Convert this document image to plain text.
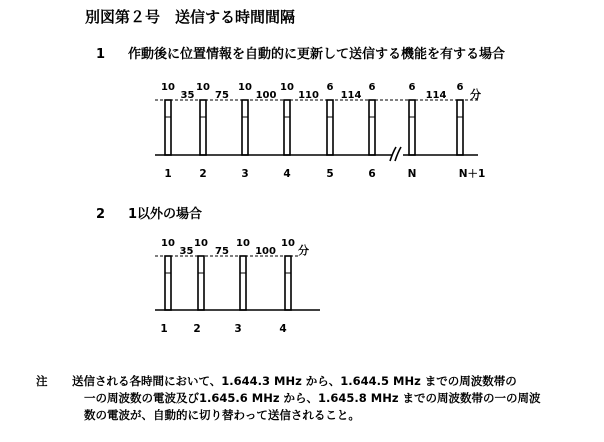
別図第２号　送信する時間間隔
1 作動後に位置情報を自動的に更新して送信する機能を有する場合
10
1
10
2
10
3
10
4
6
5
6
6
6
N
6
N＋1
35 75	100 110 114	114 分
10
1
10
2
10
3
10
4
35 75	100 分
2 1以外の場合
注 送信される各時間において、1.644.3 MHz から、1.644.5 MHz までの周波数帯の
一の周波数の電波及び1.645.6 MHz から、1.645.8 MHz までの周波数帯の一の周波
数の電波が、自動的に切り替わって送信されること。
